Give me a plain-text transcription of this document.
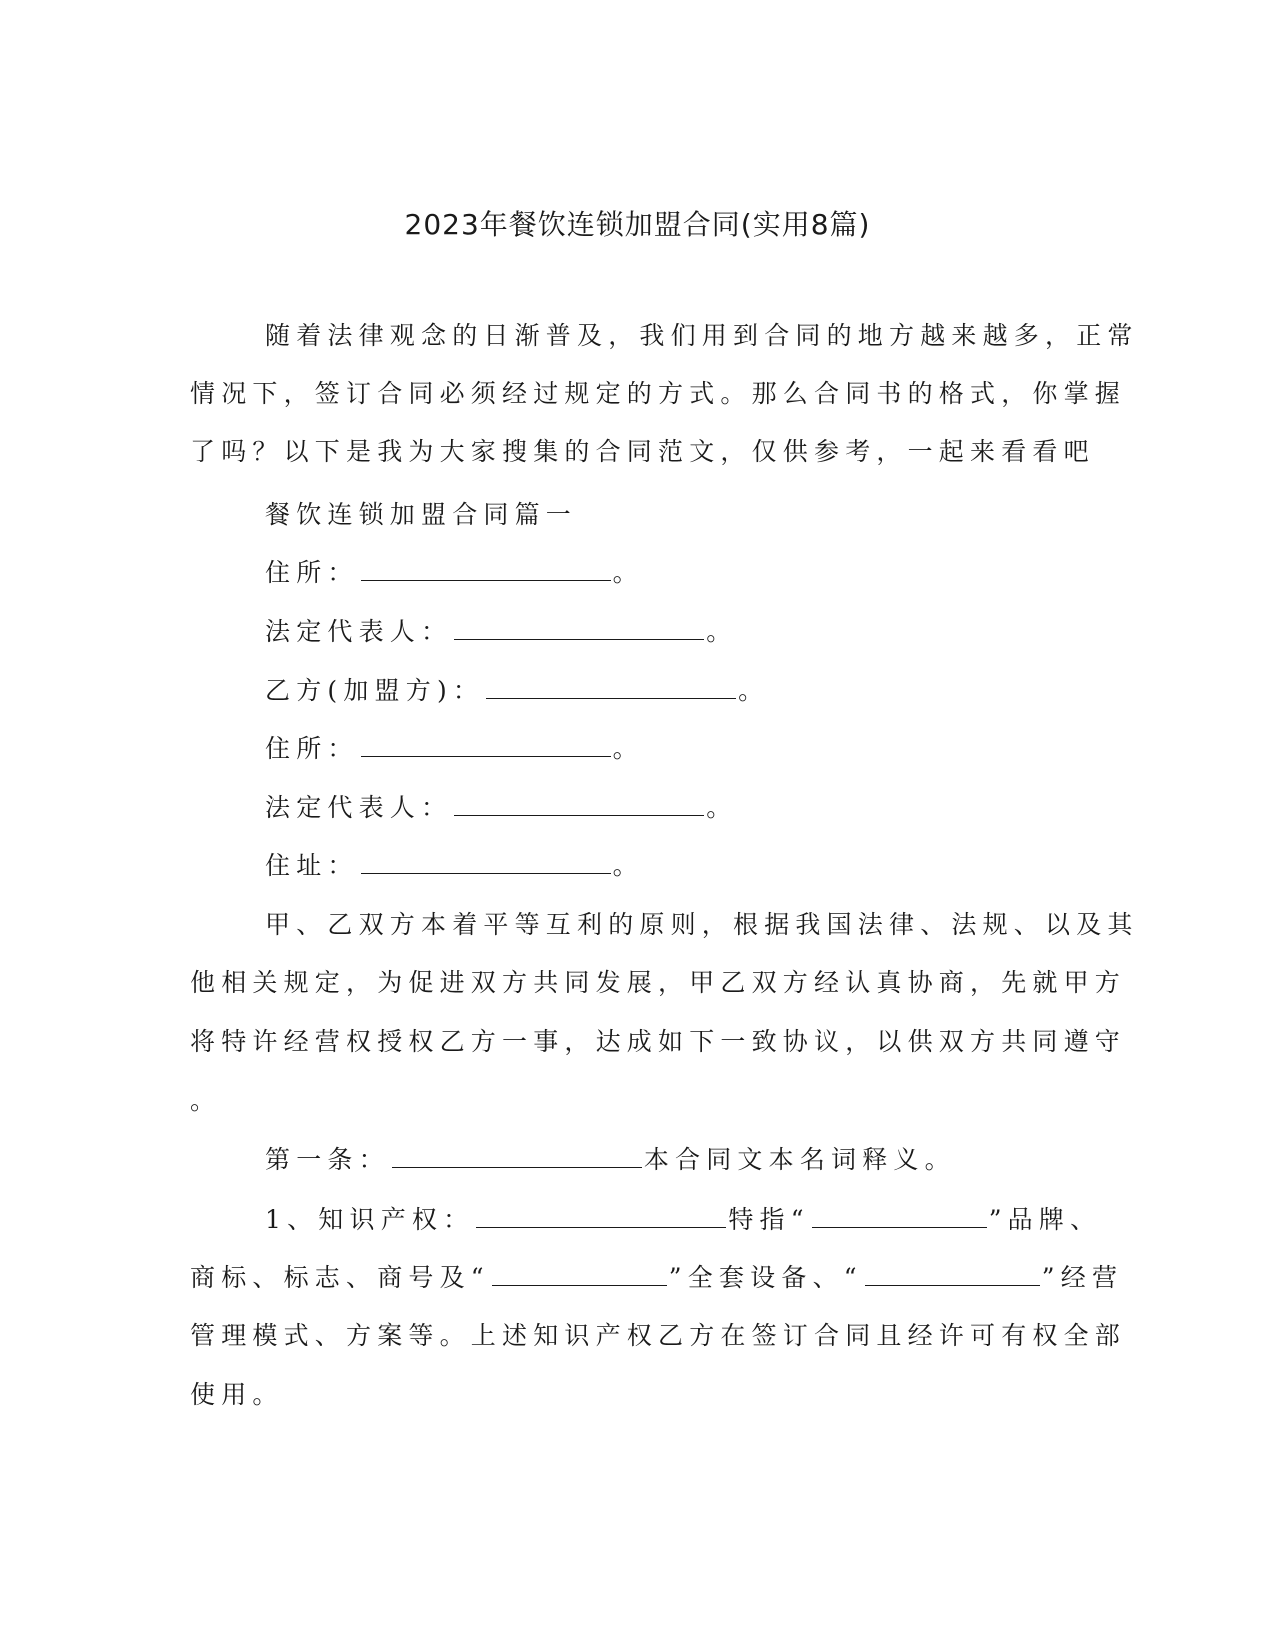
2023年餐饮连锁加盟合同(实用8篇)
随着法律观念的日渐普及，我们用到合同的地方越来越多，正常
情况下，签订合同必须经过规定的方式。那么合同书的格式，你掌握
了吗？以下是我为大家搜集的合同范文，仅供参考，一起来看看吧
餐饮连锁加盟合同篇一
住所：	。
法定代表人：	。
乙方(加盟方)：	。
住所：	。
法定代表人：	。
住址：	。
甲、乙双方本着平等互利的原则，根据我国法律、法规、以及其
他相关规定，为促进双方共同发展，甲乙双方经认真协商，先就甲方
将特许经营权授权乙方一事，达成如下一致协议，以供双方共同遵守
。
第一条：	本合同文本名词释义。
1、知识产权：	特指“	”品牌、
商标、标志、商号及“	”全套设备、“	”经营
管理模式、方案等。上述知识产权乙方在签订合同且经许可有权全部
使用。
